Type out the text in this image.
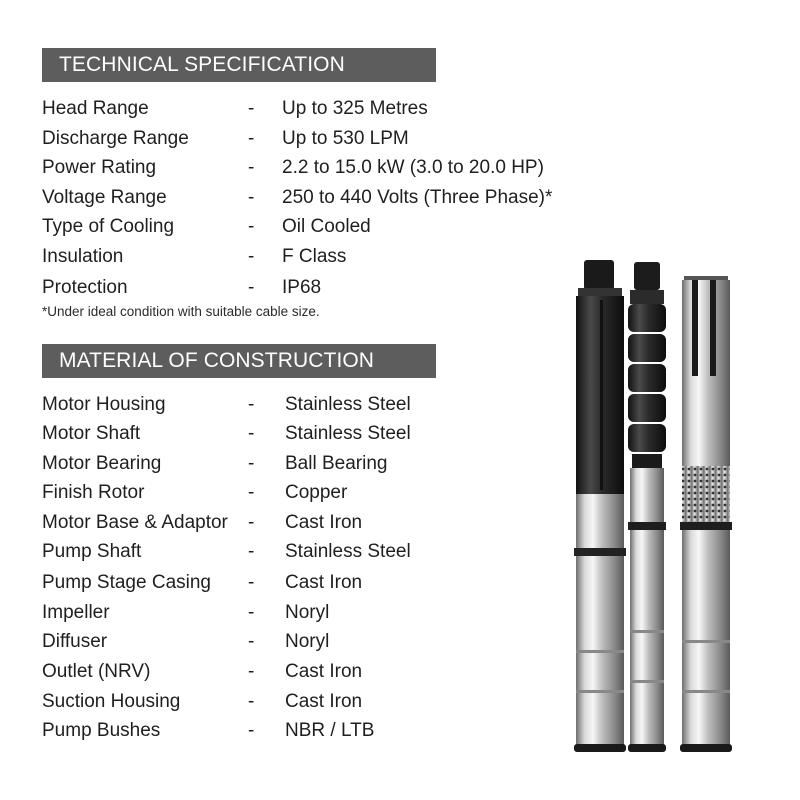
TECHNICAL SPECIFICATION
Head Range	- Up to 325 Metres
Discharge Range	- Up to 530 LPM
Power Rating	- 2.2 to 15.0 kW (3.0 to 20.0 HP)
Voltage Range	- 250 to 440 Volts (Three Phase)*
Type of Cooling	- Oil Cooled
Insulation	- F Class
Protection	- IP68
*Under ideal condition with suitable cable size.
MATERIAL OF CONSTRUCTION
Motor Housing	- Stainless Steel
Motor Shaft	- Stainless Steel
Motor Bearing	- Ball Bearing
Finish Rotor	- Copper
Motor Base & Adaptor - Cast Iron
Pump Shaft	- Stainless Steel
Pump Stage Casing - Cast Iron
Impeller	- Noryl
Diffuser	- Noryl
Outlet (NRV)	- Cast Iron
Suction Housing	- Cast Iron
Pump Bushes	- NBR / LTB
